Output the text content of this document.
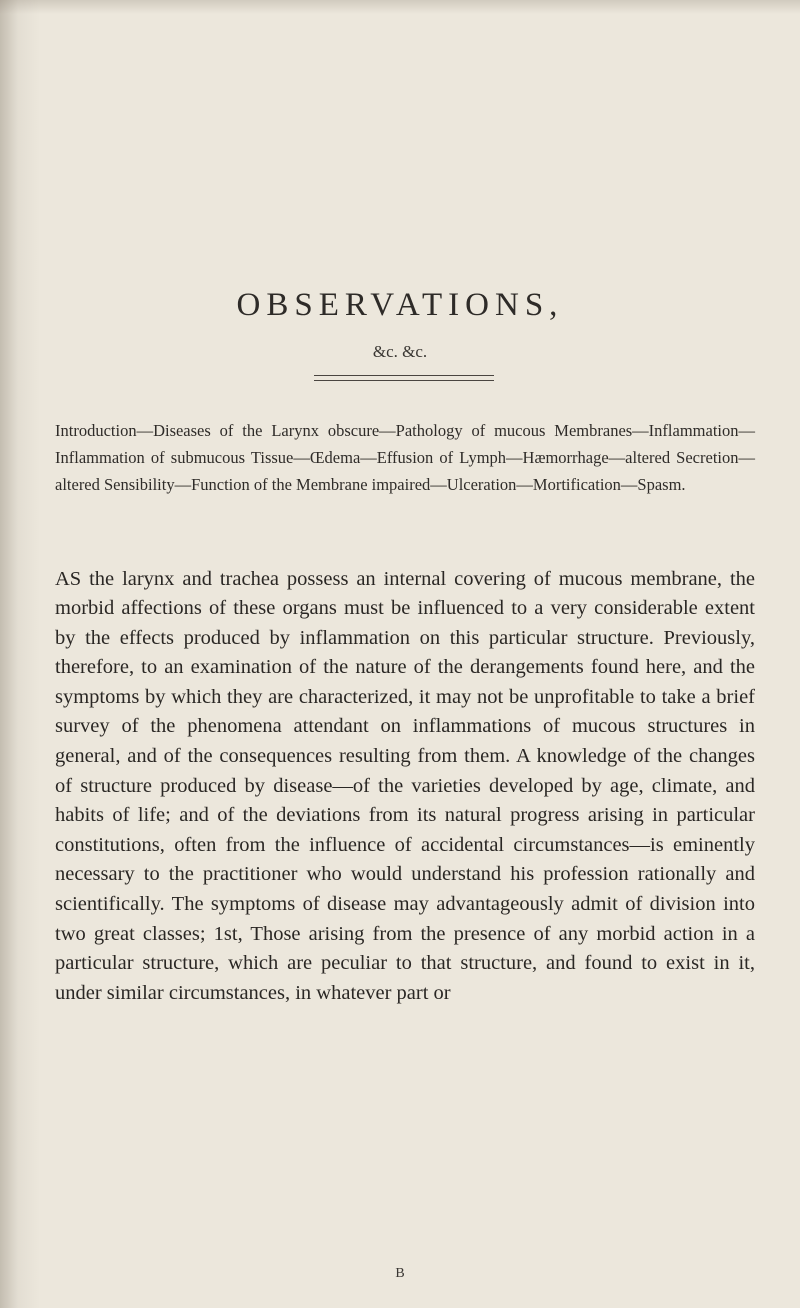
OBSERVATIONS,
&c. &c.

Introduction—Diseases of the Larynx obscure—Pathology of mucous Membranes—Inflammation—Inflammation of submucous Tissue—Œdema—Effusion of Lymph—Hæmorrhage—altered Secretion—altered Sensibility—Function of the Membrane impaired—Ulceration—Mortification—Spasm.

AS the larynx and trachea possess an internal covering of mucous membrane, the morbid affections of these organs must be influenced to a very considerable extent by the effects produced by inflammation on this particular structure. Previously, therefore, to an examination of the nature of the derangements found here, and the symptoms by which they are characterized, it may not be unprofitable to take a brief survey of the phenomena attendant on inflammations of mucous structures in general, and of the consequences resulting from them. A knowledge of the changes of structure produced by disease—of the varieties developed by age, climate, and habits of life; and of the deviations from its natural progress arising in particular constitutions, often from the influence of accidental circumstances—is eminently necessary to the practitioner who would understand his profession rationally and scientifically. The symptoms of disease may advantageously admit of division into two great classes; 1st, Those arising from the presence of any morbid action in a particular structure, which are peculiar to that structure, and found to exist in it, under similar circumstances, in whatever part or

B
